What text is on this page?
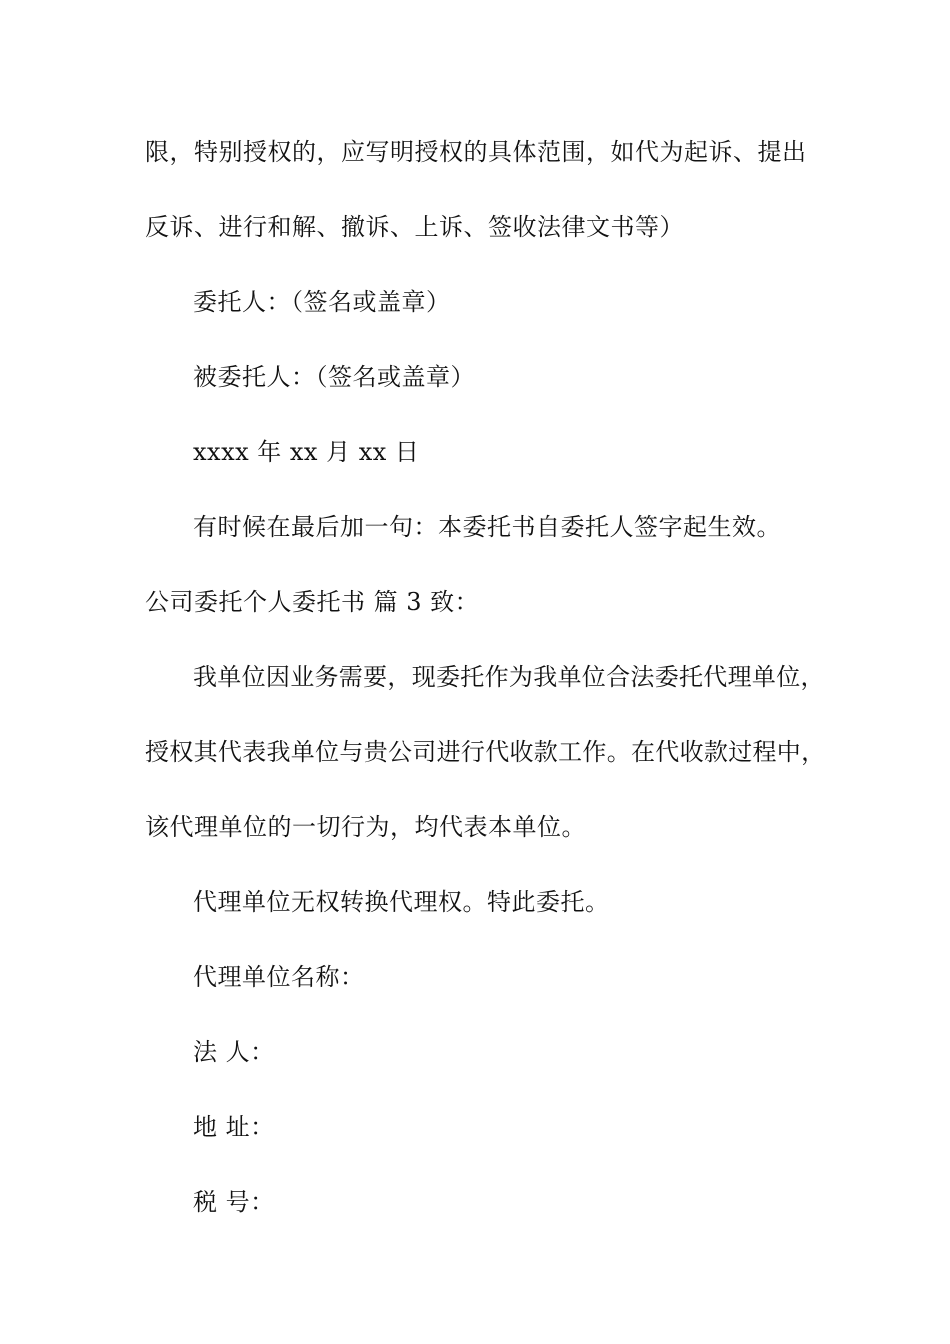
限，特别授权的，应写明授权的具体范围，如代为起诉、提出
反诉、进行和解、撤诉、上诉、签收法律文书等）
委托人：（签名或盖章）
被委托人：（签名或盖章）
xxxx 年 xx 月 xx 日
有时候在最后加一句：本委托书自委托人签字起生效。
公司委托个人委托书 篇 3 致：
我单位因业务需要，现委托作为我单位合法委托代理单位，
授权其代表我单位与贵公司进行代收款工作。在代收款过程中，
该代理单位的一切行为，均代表本单位。
代理单位无权转换代理权。特此委托。
代理单位名称：
法 人：
地 址：
税 号：
